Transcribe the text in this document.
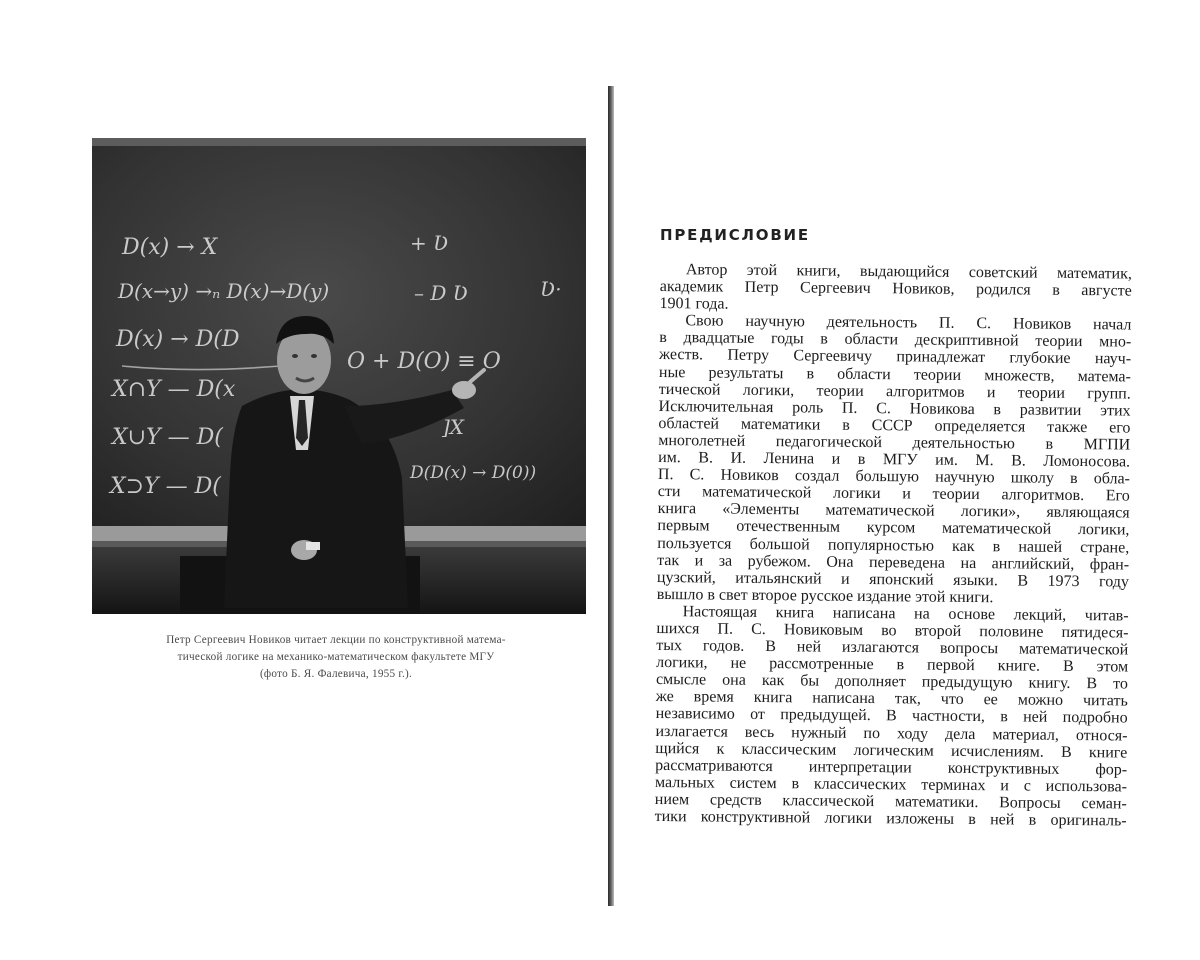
D(x) → X
D(x→y) →ₙ D(x)→D(y)
D(x) → D(D
O + D(O) ≡ O
X∩Y — D(x
X∪Y — D(
X⊃Y — D(
+ Ʋ
– D Ʋ	Ʋ·
]X
D(D(x) → D(0))
Петр Сергеевич Новиков читает лекции по конструктивной матема-
тической логике на механико-математическом факультете МГУ
(фото Б. Я. Фалевича, 1955 г.).
ПРЕДИСЛОВИЕ
Автор этой книги, выдающийся советский математик,
академик Петр Сергеевич Новиков, родился в августе
1901 года.
Свою научную деятельность П. С. Новиков начал
в двадцатые годы в области дескриптивной теории мно-
жеств. Петру Сергеевичу принадлежат глубокие науч-
ные результаты в области теории множеств, матема-
тической логики, теории алгоритмов и теории групп.
Исключительная роль П. С. Новикова в развитии этих
областей математики в СССР определяется также его
многолетней педагогической деятельностью в МГПИ
им. В. И. Ленина и в МГУ им. М. В. Ломоносова.
П. С. Новиков создал большую научную школу в обла-
сти математической логики и теории алгоритмов. Его
книга «Элементы математической логики», являющаяся
первым отечественным курсом математической логики,
пользуется большой популярностью как в нашей стране,
так и за рубежом. Она переведена на английский, фран-
цузский, итальянский и японский языки. В 1973 году
вышло в свет второе русское издание этой книги.
Настоящая книга написана на основе лекций, читав-
шихся П. С. Новиковым во второй половине пятидеся-
тых годов. В ней излагаются вопросы математической
логики, не рассмотренные в первой книге. В этом
смысле она как бы дополняет предыдущую книгу. В то
же время книга написана так, что ее можно читать
независимо от предыдущей. В частности, в ней подробно
излагается весь нужный по ходу дела материал, относя-
щийся к классическим логическим исчислениям. В книге
рассматриваются интерпретации конструктивных фор-
мальных систем в классических терминах и с использова-
нием средств классической математики. Вопросы семан-
тики конструктивной логики изложены в ней в оригиналь-
